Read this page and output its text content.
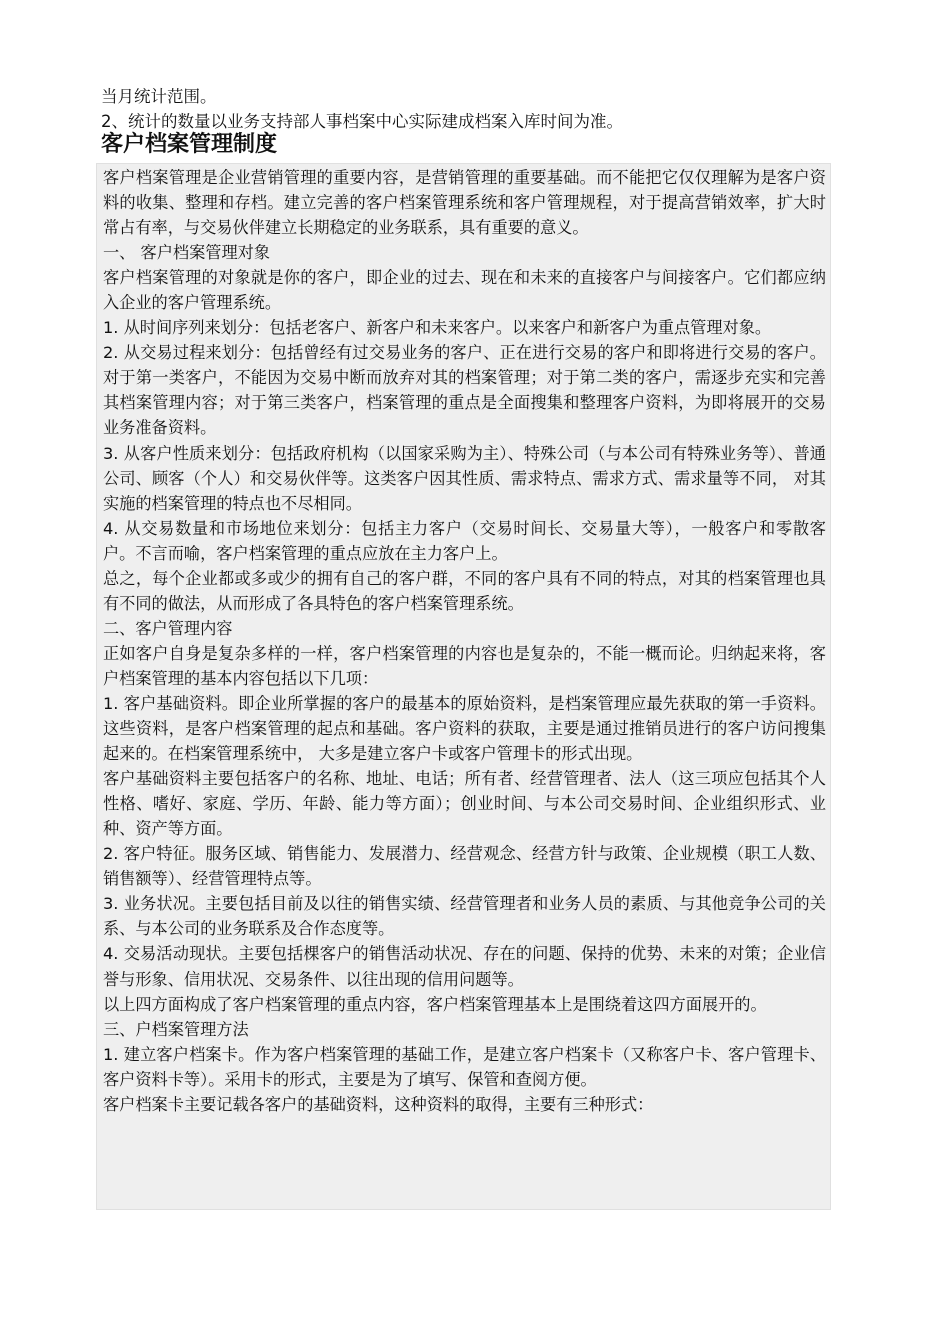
当月统计范围。

2、统计的数量以业务支持部人事档案中心实际建成档案入库时间为准。

客户档案管理制度

客户档案管理是企业营销管理的重要内容，是营销管理的重要基础。而不能把它仅仅理解为是客户资料的收集、整理和存档。建立完善的客户档案管理系统和客户管理规程，对于提高营销效率，扩大时常占有率，与交易伙伴建立长期稳定的业务联系，具有重要的意义。

一、 客户档案管理对象

客户档案管理的对象就是你的客户，即企业的过去、现在和未来的直接客户与间接客户。它们都应纳入企业的客户管理系统。

1. 从时间序列来划分：包括老客户、新客户和未来客户。以来客户和新客户为重点管理对象。

2. 从交易过程来划分：包括曾经有过交易业务的客户、正在进行交易的客户和即将进行交易的客户。对于第一类客户，不能因为交易中断而放弃对其的档案管理；对于第二类的客户，需逐步充实和完善其档案管理内容；对于第三类客户，档案管理的重点是全面搜集和整理客户资料，为即将展开的交易业务准备资料。

3. 从客户性质来划分：包括政府机构（以国家采购为主）、特殊公司（与本公司有特殊业务等）、普通公司、顾客（个人）和交易伙伴等。这类客户因其性质、需求特点、需求方式、需求量等不同， 对其实施的档案管理的特点也不尽相同。

4. 从交易数量和市场地位来划分：包括主力客户（交易时间长、交易量大等），一般客户和零散客户。不言而喻，客户档案管理的重点应放在主力客户上。

总之，每个企业都或多或少的拥有自己的客户群，不同的客户具有不同的特点，对其的档案管理也具有不同的做法，从而形成了各具特色的客户档案管理系统。

二、客户管理内容

正如客户自身是复杂多样的一样，客户档案管理的内容也是复杂的，不能一概而论。归纳起来将，客户档案管理的基本内容包括以下几项：

1. 客户基础资料。即企业所掌握的客户的最基本的原始资料，是档案管理应最先获取的第一手资料。这些资料，是客户档案管理的起点和基础。客户资料的获取，主要是通过推销员进行的客户访问搜集起来的。在档案管理系统中， 大多是建立客户卡或客户管理卡的形式出现。

客户基础资料主要包括客户的名称、地址、电话；所有者、经营管理者、法人（这三项应包括其个人性格、嗜好、家庭、学历、年龄、能力等方面）；创业时间、与本公司交易时间、企业组织形式、业种、资产等方面。

2. 客户特征。服务区域、销售能力、发展潜力、经营观念、经营方针与政策、企业规模（职工人数、销售额等）、经营管理特点等。

3. 业务状况。主要包括目前及以往的销售实绩、经营管理者和业务人员的素质、与其他竞争公司的关系、与本公司的业务联系及合作态度等。

4. 交易活动现状。主要包括棵客户的销售活动状况、存在的问题、保持的优势、未来的对策；企业信誉与形象、信用状况、交易条件、以往出现的信用问题等。

以上四方面构成了客户档案管理的重点内容，客户档案管理基本上是围绕着这四方面展开的。

三、户档案管理方法

1. 建立客户档案卡。作为客户档案管理的基础工作，是建立客户档案卡（又称客户卡、客户管理卡、客户资料卡等）。采用卡的形式，主要是为了填写、保管和查阅方便。

客户档案卡主要记载各客户的基础资料，这种资料的取得，主要有三种形式：
